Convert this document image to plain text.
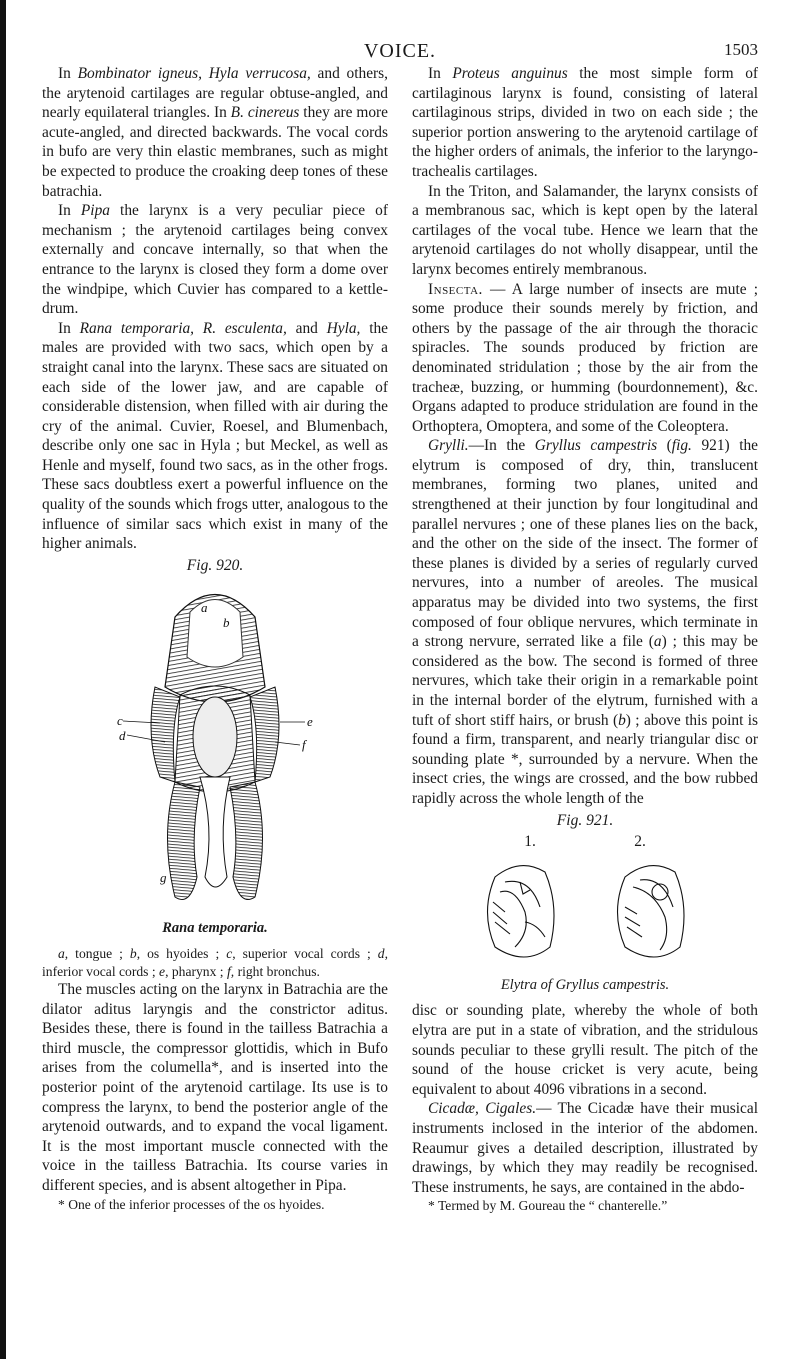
VOICE.	1503

In Bombinator igneus, Hyla verrucosa, and others, the arytenoid cartilages are regular obtuse-angled, and nearly equilateral triangles. In B. cinereus they are more acute-angled, and directed backwards. The vocal cords in bufo are very thin elastic membranes, such as might be expected to produce the croaking deep tones of these batrachia.

In Pipa the larynx is a very peculiar piece of mechanism ; the arytenoid cartilages being convex externally and concave internally, so that when the entrance to the larynx is closed they form a dome over the windpipe, which Cuvier has compared to a kettle-drum.

In Rana temporaria, R. esculenta, and Hyla, the males are provided with two sacs, which open by a straight canal into the larynx. These sacs are situated on each side of the lower jaw, and are capable of considerable distension, when filled with air during the cry of the animal. Cuvier, Roesel, and Blumenbach, describe only one sac in Hyla ; but Meckel, as well as Henle and myself, found two sacs, as in the other frogs. These sacs doubtless exert a powerful influence on the quality of the sounds which frogs utter, analogous to the influence of similar sacs which exist in many of the higher animals.

Fig. 920.
a
b
c
d
e
f
g
Rana temporaria.

a, tongue ; b, os hyoides ; c, superior vocal cords ; d, inferior vocal cords ; e, pharynx ; f, right bronchus.

The muscles acting on the larynx in Batrachia are the dilator aditus laryngis and the constrictor aditus. Besides these, there is found in the tailless Batrachia a third muscle, the compressor glottidis, which in Bufo arises from the columella*, and is inserted into the posterior point of the arytenoid cartilage. Its use is to compress the larynx, to bend the posterior angle of the arytenoid outwards, and to expand the vocal ligament. It is the most important muscle connected with the voice in the tailless Batrachia. Its course varies in different species, and is absent altogether in Pipa.

* One of the inferior processes of the os hyoides.

In Proteus anguinus the most simple form of cartilaginous larynx is found, consisting of lateral cartilaginous strips, divided in two on each side ; the superior portion answering to the arytenoid cartilage of the higher orders of animals, the inferior to the laryngo-trachealis cartilages.

In the Triton, and Salamander, the larynx consists of a membranous sac, which is kept open by the lateral cartilages of the vocal tube. Hence we learn that the arytenoid cartilages do not wholly disappear, until the larynx becomes entirely membranous.

Insecta. — A large number of insects are mute ; some produce their sounds merely by friction, and others by the passage of the air through the thoracic spiracles. The sounds produced by friction are denominated stridulation ; those by the air from the tracheæ, buzzing, or humming (bourdonnement), &c. Organs adapted to produce stridulation are found in the Orthoptera, Omoptera, and some of the Coleoptera.

Grylli.—In the Gryllus campestris (fig. 921) the elytrum is composed of dry, thin, translucent membranes, forming two planes, united and strengthened at their junction by four longitudinal and parallel nervures ; one of these planes lies on the back, and the other on the side of the insect. The former of these planes is divided by a series of regularly curved nervures, into a number of areoles. The musical apparatus may be divided into two systems, the first composed of four oblique nervures, which terminate in a strong nervure, serrated like a file (a) ; this may be considered as the bow. The second is formed of three nervures, which take their origin in a remarkable point in the internal border of the elytrum, furnished with a tuft of short stiff hairs, or brush (b) ; above this point is found a firm, transparent, and nearly triangular disc or sounding plate *, surrounded by a nervure. When the insect cries, the wings are crossed, and the bow rubbed rapidly across the whole length of the

Fig. 921.
1.	2.
Elytra of Gryllus campestris.

disc or sounding plate, whereby the whole of both elytra are put in a state of vibration, and the stridulous sounds peculiar to these grylli result. The pitch of the sound of the house cricket is very acute, being equivalent to about 4096 vibrations in a second.

Cicadæ, Cigales.— The Cicadæ have their musical instruments inclosed in the interior of the abdomen. Reaumur gives a detailed description, illustrated by drawings, by which they may readily be recognised. These instruments, he says, are contained in the abdo-

* Termed by M. Goureau the “ chanterelle.”
